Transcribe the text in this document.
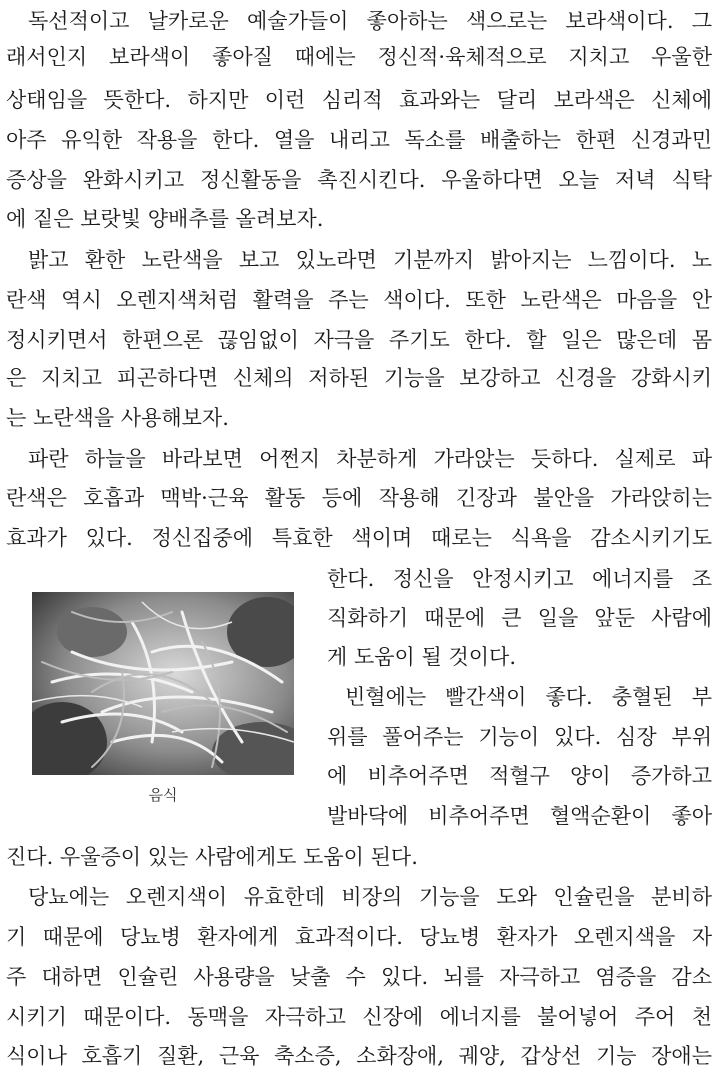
독선적이고 날카로운 예술가들이 좋아하는 색으로는 보라색이다. 그
래서인지 보라색이 좋아질 때에는 정신적·육체적으로 지치고 우울한
상태임을 뜻한다. 하지만 이런 심리적 효과와는 달리 보라색은 신체에
아주 유익한 작용을 한다. 열을 내리고 독소를 배출하는 한편 신경과민
증상을 완화시키고 정신활동을 촉진시킨다. 우울하다면 오늘 저녁 식탁
에 짙은 보랏빛 양배추를 올려보자.
밝고 환한 노란색을 보고 있노라면 기분까지 밝아지는 느낌이다. 노
란색 역시 오렌지색처럼 활력을 주는 색이다. 또한 노란색은 마음을 안
정시키면서 한편으론 끊임없이 자극을 주기도 한다. 할 일은 많은데 몸
은 지치고 피곤하다면 신체의 저하된 기능을 보강하고 신경을 강화시키
는 노란색을 사용해보자.
파란 하늘을 바라보면 어쩐지 차분하게 가라앉는 듯하다. 실제로 파
란색은 호흡과 맥박·근육 활동 등에 작용해 긴장과 불안을 가라앉히는
효과가 있다. 정신집중에 특효한 색이며 때로는 식욕을 감소시키기도
한다. 정신을 안정시키고 에너지를 조
직화하기 때문에 큰 일을 앞둔 사람에
게 도움이 될 것이다.
빈혈에는 빨간색이 좋다. 충혈된 부
위를 풀어주는 기능이 있다. 심장 부위
에 비추어주면 적혈구 양이 증가하고
발바닥에 비추어주면 혈액순환이 좋아
진다. 우울증이 있는 사람에게도 도움이 된다.
당뇨에는 오렌지색이 유효한데 비장의 기능을 도와 인슐린을 분비하
기 때문에 당뇨병 환자에게 효과적이다. 당뇨병 환자가 오렌지색을 자
주 대하면 인슐린 사용량을 낮출 수 있다. 뇌를 자극하고 염증을 감소
시키기 때문이다. 동맥을 자극하고 신장에 에너지를 불어넣어 주어 천
식이나 호흡기 질환, 근육 축소증, 소화장애, 궤양, 갑상선 기능 장애는
음식
